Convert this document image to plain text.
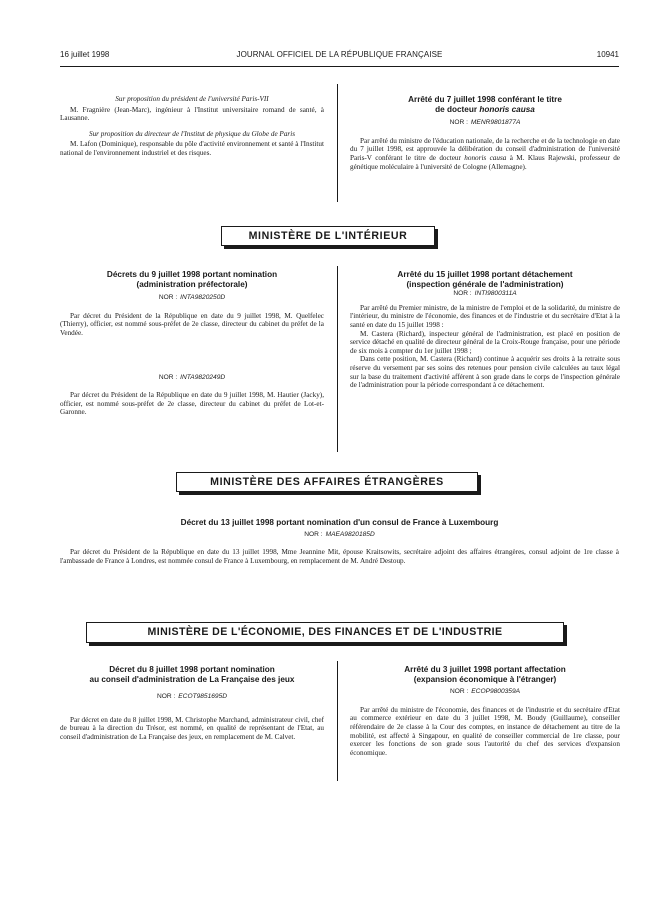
16 juillet 1998	JOURNAL OFFICIEL DE LA RÉPUBLIQUE FRANÇAISE	10941

Sur proposition du président de l'université Paris-VII

M. Fragnière (Jean-Marc), ingénieur à l'Institut universitaire romand de santé, à Lausanne.

Sur proposition du directeur de l'Institut de physique du Globe de Paris

M. Lafon (Dominique), responsable du pôle d'activité environnement et santé à l'Institut national de l'environnement industriel et des risques.

Arrêté du 7 juillet 1998 conférant le titre
de docteur honoris causa

NOR : MENR9801877A

Par arrêté du ministre de l'éducation nationale, de la recherche et de la technologie en date du 7 juillet 1998, est approuvée la délibération du conseil d'administration de l'université Paris-V conférant le titre de docteur honoris causa à M. Klaus Rajewski, professeur de génétique moléculaire à l'université de Cologne (Allemagne).

MINISTÈRE DE L'INTÉRIEUR

Décrets du 9 juillet 1998 portant nomination
(administration préfectorale)

NOR : INTA9820250D

Par décret du Président de la République en date du 9 juillet 1998, M. Quelfelec (Thierry), officier, est nommé sous-préfet de 2e classe, directeur du cabinet du préfet de la Vendée.

NOR : INTA9820249D

Par décret du Président de la République en date du 9 juillet 1998, M. Hautier (Jacky), officier, est nommé sous-préfet de 2e classe, directeur du cabinet du préfet de Lot-et-Garonne.

Arrêté du 15 juillet 1998 portant détachement
(inspection générale de l'administration)

NOR : INTI9800311A

Par arrêté du Premier ministre, de la ministre de l'emploi et de la solidarité, du ministre de l'intérieur, du ministre de l'économie, des finances et de l'industrie et du secrétaire d'Etat à la santé en date du 15 juillet 1998 :

M. Castera (Richard), inspecteur général de l'administration, est placé en position de service détaché en qualité de directeur général de la Croix-Rouge française, pour une période de six mois à compter du 1er juillet 1998 ;

Dans cette position, M. Castera (Richard) continue à acquérir ses droits à la retraite sous réserve du versement par ses soins des retenues pour pension civile calculées au taux légal sur la base du traitement d'activité afférent à son grade dans le corps de l'inspection générale de l'administration pour la période correspondant à ce détachement.

MINISTÈRE DES AFFAIRES ÉTRANGÈRES

Décret du 13 juillet 1998 portant nomination d'un consul de France à Luxembourg

NOR : MAEA9820185D

Par décret du Président de la République en date du 13 juillet 1998, Mme Jeannine Mit, épouse Kraitsowits, secrétaire adjoint des affaires étrangères, consul adjoint de 1re classe à l'ambassade de France à Londres, est nommée consul de France à Luxembourg, en remplacement de M. André Destoup.

MINISTÈRE DE L'ÉCONOMIE, DES FINANCES ET DE L'INDUSTRIE

Décret du 8 juillet 1998 portant nomination
au conseil d'administration de La Française des jeux

NOR : ECOT9851695D

Par décret en date du 8 juillet 1998, M. Christophe Marchand, administrateur civil, chef de bureau à la direction du Trésor, est nommé, en qualité de représentant de l'Etat, au conseil d'administration de La Française des jeux, en remplacement de M. Calvet.

Arrêté du 3 juillet 1998 portant affectation
(expansion économique à l'étranger)

NOR : ECOP9800359A

Par arrêté du ministre de l'économie, des finances et de l'industrie et du secrétaire d'Etat au commerce extérieur en date du 3 juillet 1998, M. Boudy (Guillaume), conseiller référendaire de 2e classe à la Cour des comptes, en instance de détachement au titre de la mobilité, est affecté à Singapour, en qualité de conseiller commercial de 1re classe, pour exercer les fonctions de son grade sous l'autorité du chef des services d'expansion économique.
